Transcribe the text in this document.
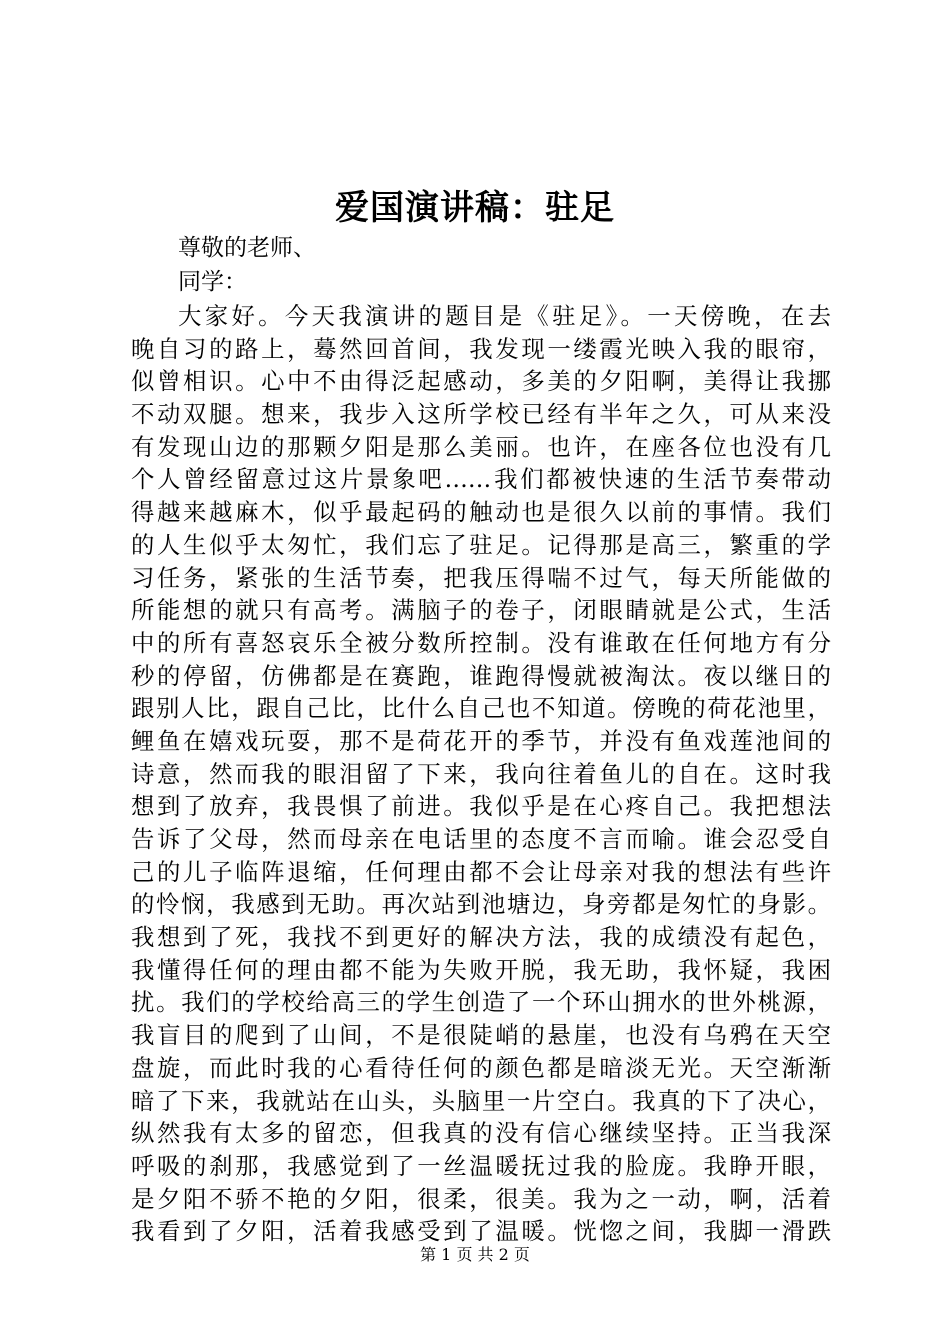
爱国演讲稿：驻足
尊敬的老师、
同学：
大家好。今天我演讲的题目是《驻足》。一天傍晚，在去
晚自习的路上，蓦然回首间，我发现一缕霞光映入我的眼帘，
似曾相识。心中不由得泛起感动，多美的夕阳啊，美得让我挪
不动双腿。想来，我步入这所学校已经有半年之久，可从来没
有发现山边的那颗夕阳是那么美丽。也许，在座各位也没有几
个人曾经留意过这片景象吧……我们都被快速的生活节奏带动
得越来越麻木，似乎最起码的触动也是很久以前的事情。我们
的人生似乎太匆忙，我们忘了驻足。记得那是高三，繁重的学
习任务，紧张的生活节奏，把我压得喘不过气，每天所能做的
所能想的就只有高考。满脑子的卷子，闭眼睛就是公式，生活
中的所有喜怒哀乐全被分数所控制。没有谁敢在任何地方有分
秒的停留，仿佛都是在赛跑，谁跑得慢就被淘汰。夜以继日的
跟别人比，跟自己比，比什么自己也不知道。傍晚的荷花池里，
鲤鱼在嬉戏玩耍，那不是荷花开的季节，并没有鱼戏莲池间的
诗意，然而我的眼泪留了下来，我向往着鱼儿的自在。这时我
想到了放弃，我畏惧了前进。我似乎是在心疼自己。我把想法
告诉了父母，然而母亲在电话里的态度不言而喻。谁会忍受自
己的儿子临阵退缩，任何理由都不会让母亲对我的想法有些许
的怜悯，我感到无助。再次站到池塘边，身旁都是匆忙的身影。
我想到了死，我找不到更好的解决方法，我的成绩没有起色，
我懂得任何的理由都不能为失败开脱，我无助，我怀疑，我困
扰。我们的学校给高三的学生创造了一个环山拥水的世外桃源，
我盲目的爬到了山间，不是很陡峭的悬崖，也没有乌鸦在天空
盘旋，而此时我的心看待任何的颜色都是暗淡无光。天空渐渐
暗了下来，我就站在山头，头脑里一片空白。我真的下了决心，
纵然我有太多的留恋，但我真的没有信心继续坚持。正当我深
呼吸的刹那，我感觉到了一丝温暖抚过我的脸庞。我睁开眼，
是夕阳不骄不艳的夕阳，很柔，很美。我为之一动，啊，活着
我看到了夕阳，活着我感受到了温暖。恍惚之间，我脚一滑跌
第 1 页 共 2 页
